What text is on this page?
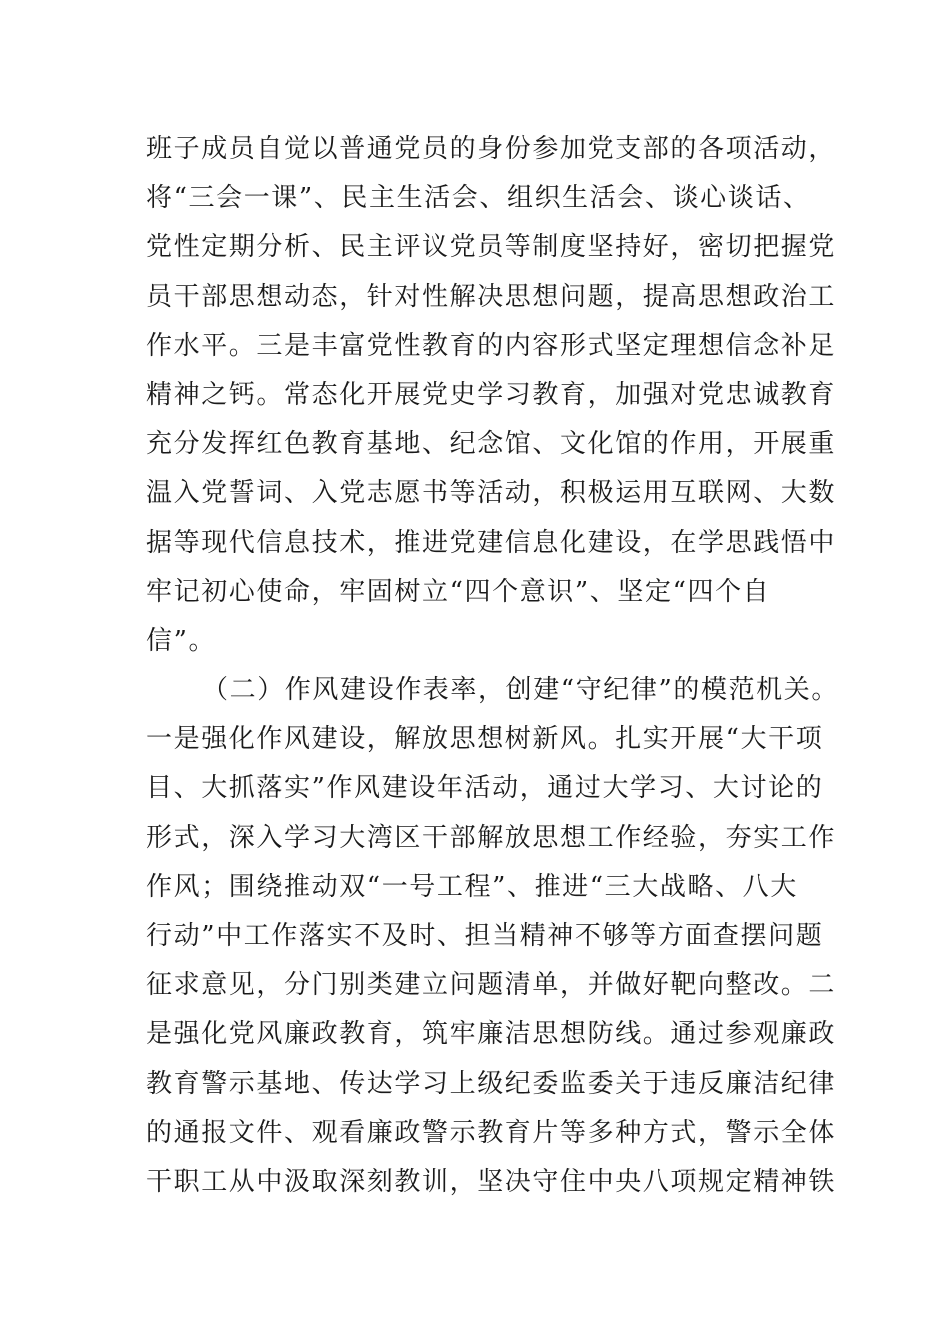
班子成员自觉以普通党员的身份参加党支部的各项活动，
将“三会一课”、民主生活会、组织生活会、谈心谈话、
党性定期分析、民主评议党员等制度坚持好，密切把握党
员干部思想动态，针对性解决思想问题，提高思想政治工
作水平。三是丰富党性教育的内容形式坚定理想信念补足
精神之钙。常态化开展党史学习教育，加强对党忠诚教育
充分发挥红色教育基地、纪念馆、文化馆的作用，开展重
温入党誓词、入党志愿书等活动，积极运用互联网、大数
据等现代信息技术，推进党建信息化建设，在学思践悟中
牢记初心使命，牢固树立“四个意识”、坚定“四个自
信”。
（二）作风建设作表率，创建“守纪律”的模范机关。
一是强化作风建设，解放思想树新风。扎实开展“大干项
目、大抓落实”作风建设年活动，通过大学习、大讨论的
形式，深入学习大湾区干部解放思想工作经验，夯实工作
作风；围绕推动双“一号工程”、推进“三大战略、八大
行动”中工作落实不及时、担当精神不够等方面查摆问题
征求意见，分门别类建立问题清单，并做好靶向整改。二
是强化党风廉政教育，筑牢廉洁思想防线。通过参观廉政
教育警示基地、传达学习上级纪委监委关于违反廉洁纪律
的通报文件、观看廉政警示教育片等多种方式，警示全体
干职工从中汲取深刻教训，坚决守住中央八项规定精神铁
